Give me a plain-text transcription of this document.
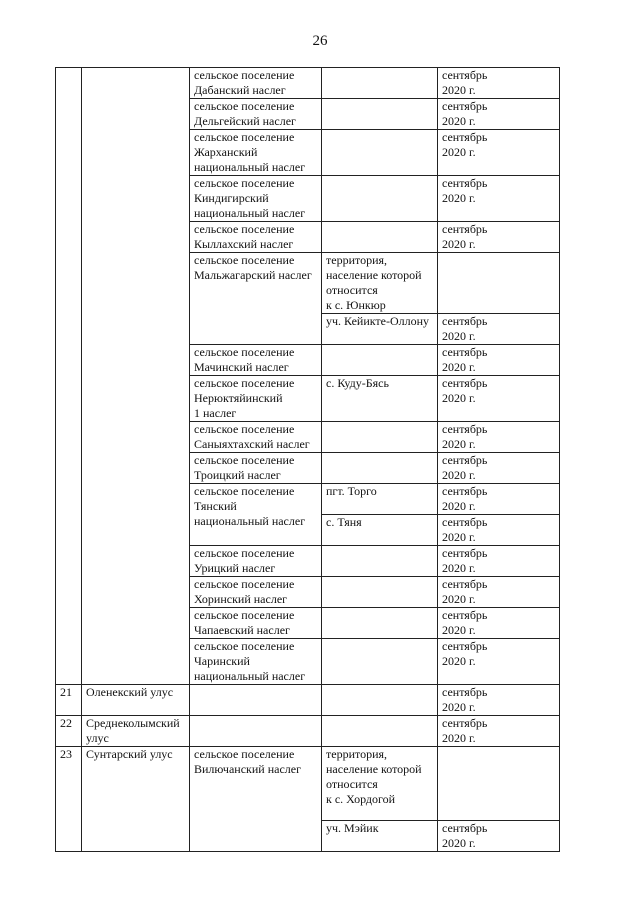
26
		сельское поселение
Дабанский наслег		сентябрь
2020 г.
		сельское поселение
Дельгейский наслег		сентябрь
2020 г.
		сельское поселение
Жарханский
национальный наслег		сентябрь
2020 г.
		сельское поселение
Киндигирский
национальный наслег		сентябрь
2020 г.
		сельское поселение
Кыллахский наслег		сентябрь
2020 г.
		сельское поселение
Мальжагарский наслег	территория,
население которой
относится
к с. Юнкюр	
			уч. Кейикте-Оллону	сентябрь
2020 г.
		сельское поселение
Мачинский наслег		сентябрь
2020 г.
		сельское поселение
Нерюктяйинский
1 наслег	с. Куду-Бясь	сентябрь
2020 г.
		сельское поселение
Саныяхтахский наслег		сентябрь
2020 г.
		сельское поселение
Троицкий наслег		сентябрь
2020 г.
		сельское поселение
Тянский
национальный наслег	пгт. Торго	сентябрь
2020 г.
			с. Тяня	сентябрь
2020 г.
		сельское поселение
Урицкий наслег		сентябрь
2020 г.
		сельское поселение
Хоринский наслег		сентябрь
2020 г.
		сельское поселение
Чапаевский наслег		сентябрь
2020 г.
		сельское поселение
Чаринский
национальный наслег		сентябрь
2020 г.
21	Оленекский улус			сентябрь
2020 г.
22	Среднеколымский
улус			сентябрь
2020 г.
23	Сунтарский улус	сельское поселение
Вилючанский наслег	территория,
население которой
относится
к с. Хордогой	
			уч. Мэйик	сентябрь
2020 г.
